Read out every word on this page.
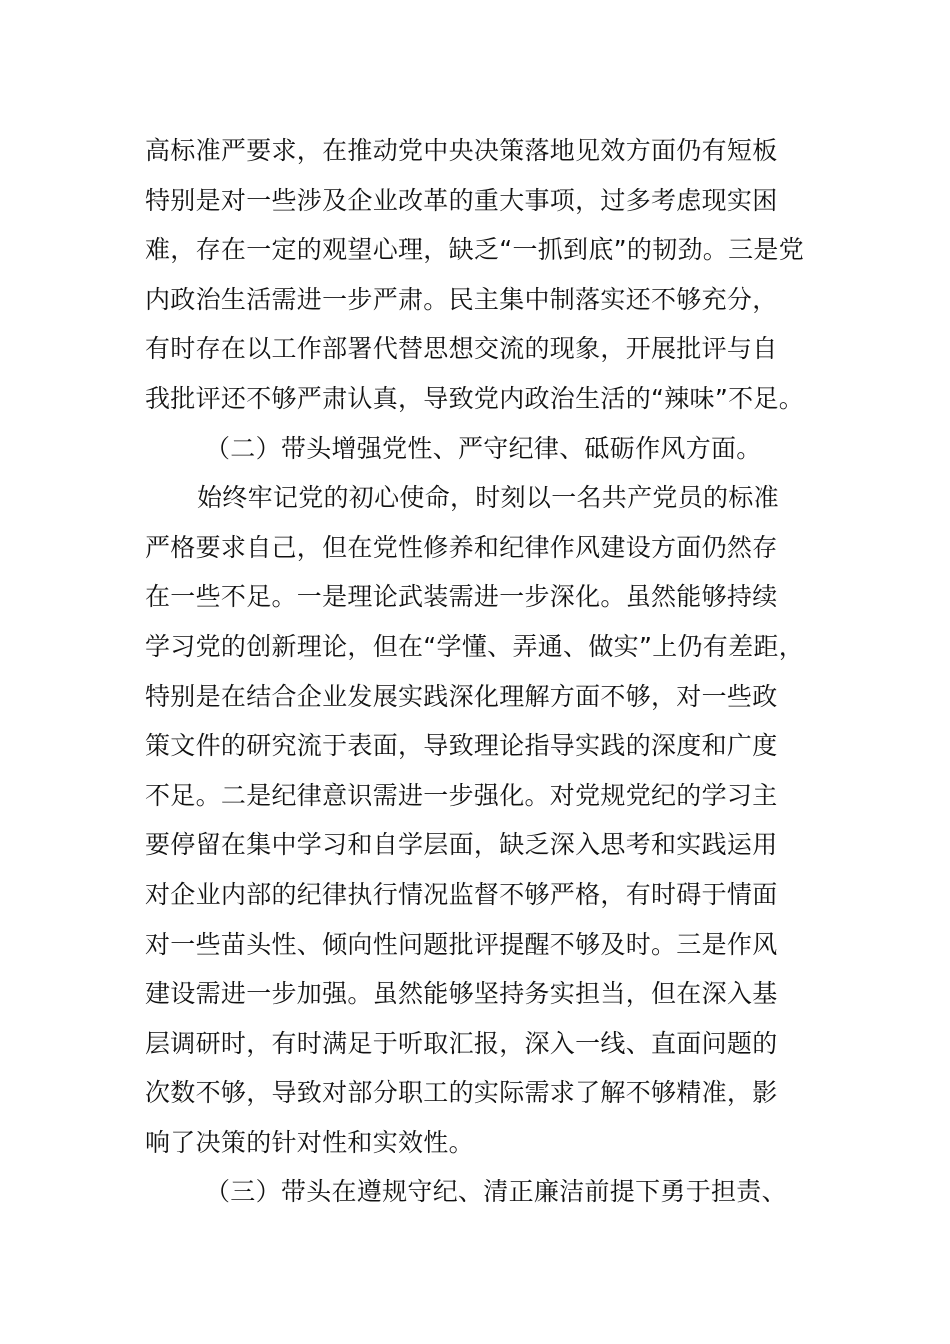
高标准严要求，在推动党中央决策落地见效方面仍有短板
特别是对一些涉及企业改革的重大事项，过多考虑现实困
难，存在一定的观望心理，缺乏“一抓到底”的韧劲。三是党
内政治生活需进一步严肃。民主集中制落实还不够充分，
有时存在以工作部署代替思想交流的现象，开展批评与自
我批评还不够严肃认真，导致党内政治生活的“辣味”不足。
（二）带头增强党性、严守纪律、砥砺作风方面。
始终牢记党的初心使命，时刻以一名共产党员的标准
严格要求自己，但在党性修养和纪律作风建设方面仍然存
在一些不足。一是理论武装需进一步深化。虽然能够持续
学习党的创新理论，但在“学懂、弄通、做实”上仍有差距，
特别是在结合企业发展实践深化理解方面不够，对一些政
策文件的研究流于表面，导致理论指导实践的深度和广度
不足。二是纪律意识需进一步强化。对党规党纪的学习主
要停留在集中学习和自学层面，缺乏深入思考和实践运用
对企业内部的纪律执行情况监督不够严格，有时碍于情面
对一些苗头性、倾向性问题批评提醒不够及时。三是作风
建设需进一步加强。虽然能够坚持务实担当，但在深入基
层调研时，有时满足于听取汇报，深入一线、直面问题的
次数不够，导致对部分职工的实际需求了解不够精准，影
响了决策的针对性和实效性。
（三）带头在遵规守纪、清正廉洁前提下勇于担责、
